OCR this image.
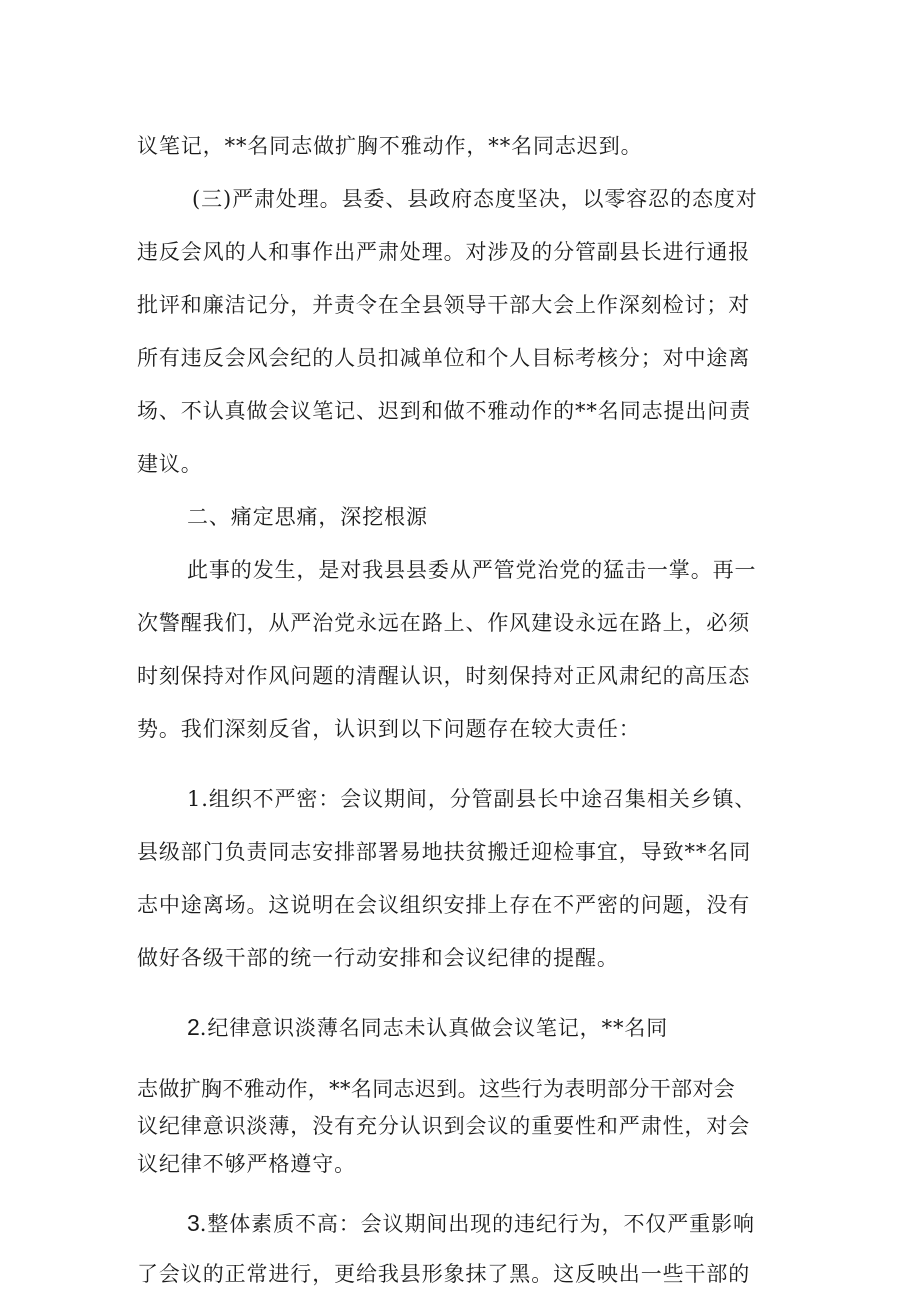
议笔记，**名同志做扩胸不雅动作，**名同志迟到。
(三)严肃处理。县委、县政府态度坚决，以零容忍的态度对
违反会风的人和事作出严肃处理。对涉及的分管副县长进行通报
批评和廉洁记分，并责令在全县领导干部大会上作深刻检讨；对
所有违反会风会纪的人员扣减单位和个人目标考核分；对中途离
场、不认真做会议笔记、迟到和做不雅动作的**名同志提出问责
建议。
二、痛定思痛，深挖根源
此事的发生，是对我县县委从严管党治党的猛击一掌。再一
次警醒我们，从严治党永远在路上、作风建设永远在路上，必须
时刻保持对作风问题的清醒认识，时刻保持对正风肃纪的高压态
势。我们深刻反省，认识到以下问题存在较大责任：
1.组织不严密：会议期间，分管副县长中途召集相关乡镇、
县级部门负责同志安排部署易地扶贫搬迁迎检事宜，导致**名同
志中途离场。这说明在会议组织安排上存在不严密的问题，没有
做好各级干部的统一行动安排和会议纪律的提醒。
2.纪律意识淡薄名同志未认真做会议笔记，**名同
志做扩胸不雅动作，**名同志迟到。这些行为表明部分干部对会
议纪律意识淡薄，没有充分认识到会议的重要性和严肃性，对会
议纪律不够严格遵守。
3.整体素质不高：会议期间出现的违纪行为，不仅严重影响
了会议的正常进行，更给我县形象抹了黑。这反映出一些干部的
